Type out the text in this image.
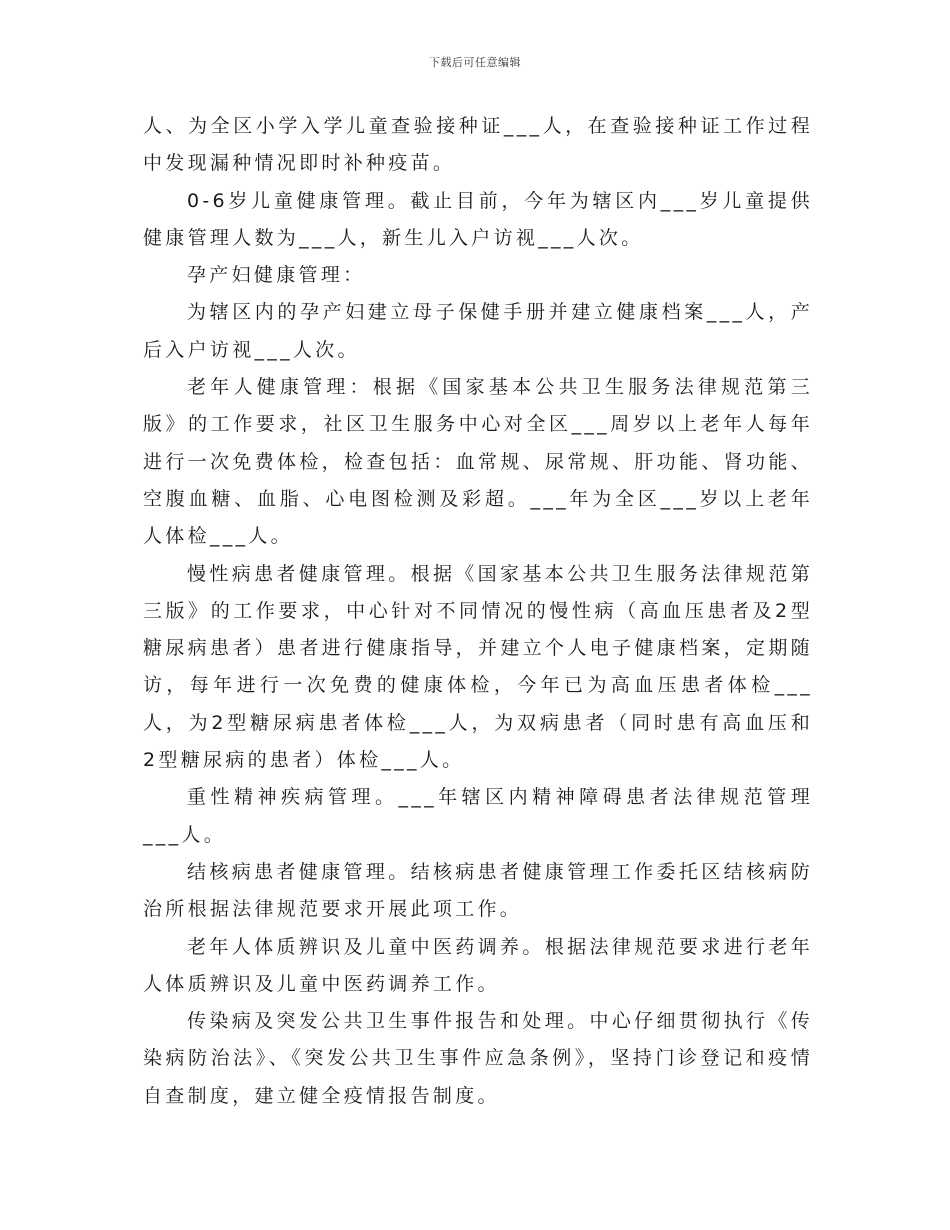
下载后可任意编辑

人、为全区小学入学儿童查验接种证___人，在查验接种证工作过程中发现漏种情况即时补种疫苗。

0-6岁儿童健康管理。截止目前，今年为辖区内___岁儿童提供健康管理人数为___人，新生儿入户访视___人次。

孕产妇健康管理：

为辖区内的孕产妇建立母子保健手册并建立健康档案___人，产后入户访视___人次。

老年人健康管理：根据《国家基本公共卫生服务法律规范第三版》的工作要求，社区卫生服务中心对全区___周岁以上老年人每年进行一次免费体检，检查包括：血常规、尿常规、肝功能、肾功能、空腹血糖、血脂、心电图检测及彩超。___年为全区___岁以上老年人体检___人。

慢性病患者健康管理。根据《国家基本公共卫生服务法律规范第三版》的工作要求，中心针对不同情况的慢性病（高血压患者及2型糖尿病患者）患者进行健康指导，并建立个人电子健康档案，定期随访，每年进行一次免费的健康体检，今年已为高血压患者体检___人，为2型糖尿病患者体检___人，为双病患者（同时患有高血压和2型糖尿病的患者）体检___人。

重性精神疾病管理。___年辖区内精神障碍患者法律规范管理___人。

结核病患者健康管理。结核病患者健康管理工作委托区结核病防治所根据法律规范要求开展此项工作。

老年人体质辨识及儿童中医药调养。根据法律规范要求进行老年人体质辨识及儿童中医药调养工作。

传染病及突发公共卫生事件报告和处理。中心仔细贯彻执行《传染病防治法》、《突发公共卫生事件应急条例》，坚持门诊登记和疫情自查制度，建立健全疫情报告制度。
